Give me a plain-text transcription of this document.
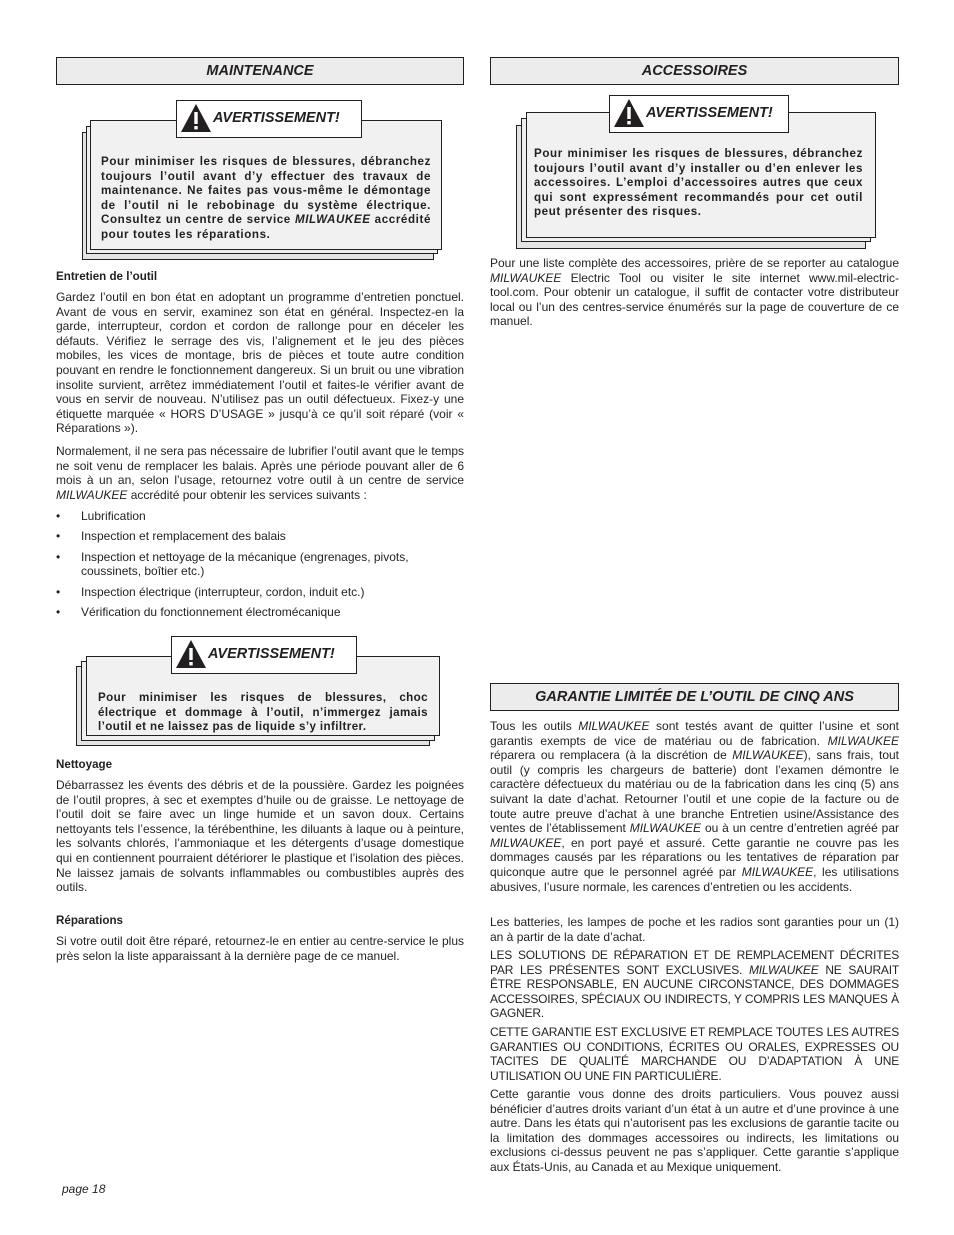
MAINTENANCE

Pour minimiser les risques de blessures, débranchez toujours l’outil avant d’y effectuer des travaux de maintenance. Ne faites pas vous-même le démontage de l’outil ni le rebobinage du système électrique. Consultez un centre de service MILWAUKEE accrédité pour toutes les réparations.

AVERTISSEMENT!
Entretien de l’outil

Gardez l’outil en bon état en adoptant un programme d’entretien ponctuel. Avant de vous en servir, examinez son état en général. Inspectez-en la garde, interrupteur, cordon et cordon de rallonge pour en déceler les défauts. Vérifiez le serrage des vis, l’alignement et le jeu des pièces mobiles, les vices de montage, bris de pièces et toute autre condition pouvant en rendre le fonctionnement dangereux. Si un bruit ou une vibration insolite survient, arrêtez immédiatement l’outil et faites-le vérifier avant de vous en servir de nouveau. N’utilisez pas un outil défectueux. Fixez-y une étiquette marquée « HORS D’USAGE » jusqu’à ce qu’il soit réparé (voir « Réparations »).

Normalement, il ne sera pas nécessaire de lubrifier l’outil avant que le temps ne soit venu de remplacer les balais. Après une période pouvant aller de 6 mois à un an, selon l’usage, retournez votre outil à un centre de service MILWAUKEE accrédité pour obtenir les services suivants :

• Lubrification
• Inspection et remplacement des balais
• Inspection et nettoyage de la mécanique (engrenages, pivots, coussinets, boîtier etc.)
• Inspection électrique (interrupteur, cordon, induit etc.)
• Vérification du fonctionnement électromécanique

Pour minimiser les risques de blessures, choc électrique et dommage à l’outil, n’immergez jamais l’outil et ne laissez pas de liquide s’y infiltrer.

AVERTISSEMENT!
Nettoyage

Débarrassez les évents des débris et de la poussière. Gardez les poignées de l’outil propres, à sec et exemptes d’huile ou de graisse. Le nettoyage de l’outil doit se faire avec un linge humide et un savon doux. Certains nettoyants tels l’essence, la térébenthine, les diluants à laque ou à peinture, les solvants chlorés, l’ammoniaque et les détergents d’usage domestique qui en contiennent pourraient détériorer le plastique et l’isolation des pièces. Ne laissez jamais de solvants inflammables ou combustibles auprès des outils.

Réparations

Si votre outil doit être réparé, retournez-le en entier au centre-service le plus près selon la liste apparaissant à la dernière page de ce manuel.

ACCESSOIRES

Pour minimiser les risques de blessures, débranchez toujours l’outil avant d’y installer ou d’en enlever les accessoires. L’emploi d’accessoires autres que ceux qui sont expressément recommandés pour cet outil peut présenter des risques.

AVERTISSEMENT!

Pour une liste complète des accessoires, prière de se reporter au catalogue MILWAUKEE Electric Tool ou visiter le site internet www.mil-electric-tool.com. Pour obtenir un catalogue, il suffit de contacter votre distributeur local ou l’un des centres-service énumérés sur la page de couverture de ce manuel.

GARANTIE LIMITÉE DE L’OUTIL DE CINQ ANS

Tous les outils MILWAUKEE sont testés avant de quitter l’usine et sont garantis exempts de vice de matériau ou de fabrication. MILWAUKEE réparera ou remplacera (à la discrétion de MILWAUKEE), sans frais, tout outil (y compris les chargeurs de batterie) dont l’examen démontre le caractère défectueux du matériau ou de la fabrication dans les cinq (5) ans suivant la date d’achat. Retourner l’outil et une copie de la facture ou de toute autre preuve d’achat à une branche Entretien usine/Assistance des ventes de l’établissement MILWAUKEE ou à un centre d’entretien agréé par MILWAUKEE, en port payé et assuré. Cette garantie ne couvre pas les dommages causés par les réparations ou les tentatives de réparation par quiconque autre que le personnel agréé par MILWAUKEE, les utilisations abusives, l’usure normale, les carences d’entretien ou les accidents.

Les batteries, les lampes de poche et les radios sont garanties pour un (1) an à partir de la date d’achat.

LES SOLUTIONS DE RÉPARATION ET DE REMPLACEMENT DÉCRITES PAR LES PRÉSENTES SONT EXCLUSIVES. MILWAUKEE NE SAURAIT ÊTRE RESPONSABLE, EN AUCUNE CIRCONSTANCE, DES DOMMAGES ACCESSOIRES, SPÉCIAUX OU INDIRECTS, Y COMPRIS LES MANQUES À GAGNER.

CETTE GARANTIE EST EXCLUSIVE ET REMPLACE TOUTES LES AUTRES GARANTIES OU CONDITIONS, ÉCRITES OU ORALES, EXPRESSES OU TACITES DE QUALITÉ MARCHANDE OU D’ADAPTATION À UNE UTILISATION OU UNE FIN PARTICULIÈRE.

Cette garantie vous donne des droits particuliers. Vous pouvez aussi bénéficier d’autres droits variant d’un état à un autre et d’une province à une autre. Dans les états qui n’autorisent pas les exclusions de garantie tacite ou la limitation des dommages accessoires ou indirects, les limitations ou exclusions ci-dessus peuvent ne pas s’appliquer. Cette garantie s’applique aux États-Unis, au Canada et au Mexique uniquement.

page 18
